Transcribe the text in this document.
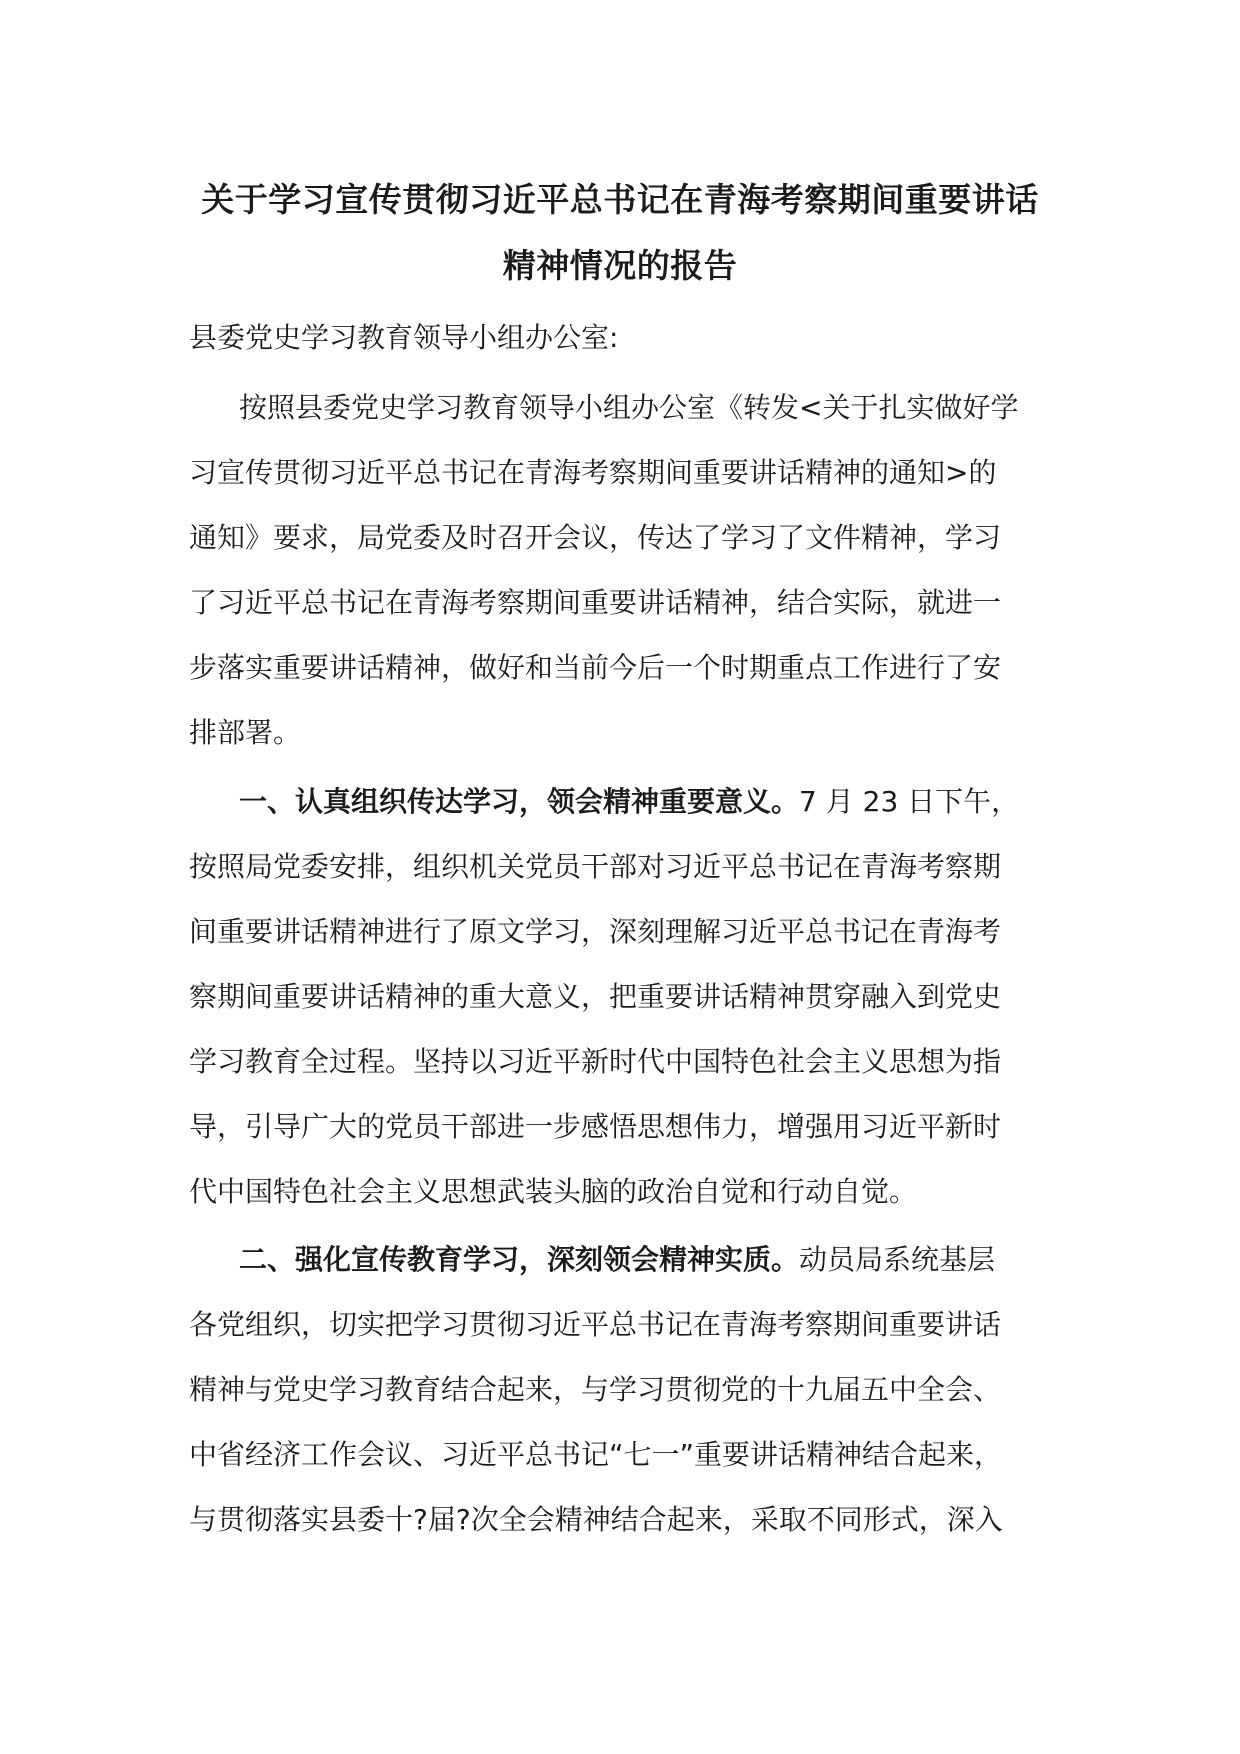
关于学习宣传贯彻习近平总书记在青海考察期间重要讲话
精神情况的报告
县委党史学习教育领导小组办公室:
按照县委党史学习教育领导小组办公室《转发<关于扎实做好学
习宣传贯彻习近平总书记在青海考察期间重要讲话精神的通知>的
通知》要求，局党委及时召开会议，传达了学习了文件精神，学习
了习近平总书记在青海考察期间重要讲话精神，结合实际，就进一
步落实重要讲话精神，做好和当前今后一个时期重点工作进行了安
排部署。
一、认真组织传达学习，领会精神重要意义。7 月 23 日下午，
按照局党委安排，组织机关党员干部对习近平总书记在青海考察期
间重要讲话精神进行了原文学习，深刻理解习近平总书记在青海考
察期间重要讲话精神的重大意义，把重要讲话精神贯穿融入到党史
学习教育全过程。坚持以习近平新时代中国特色社会主义思想为指
导，引导广大的党员干部进一步感悟思想伟力，增强用习近平新时
代中国特色社会主义思想武装头脑的政治自觉和行动自觉。
二、强化宣传教育学习，深刻领会精神实质。动员局系统基层
各党组织，切实把学习贯彻习近平总书记在青海考察期间重要讲话
精神与党史学习教育结合起来，与学习贯彻党的十九届五中全会、
中省经济工作会议、习近平总书记“七一”重要讲话精神结合起来，
与贯彻落实县委十?届?次全会精神结合起来，采取不同形式，深入
